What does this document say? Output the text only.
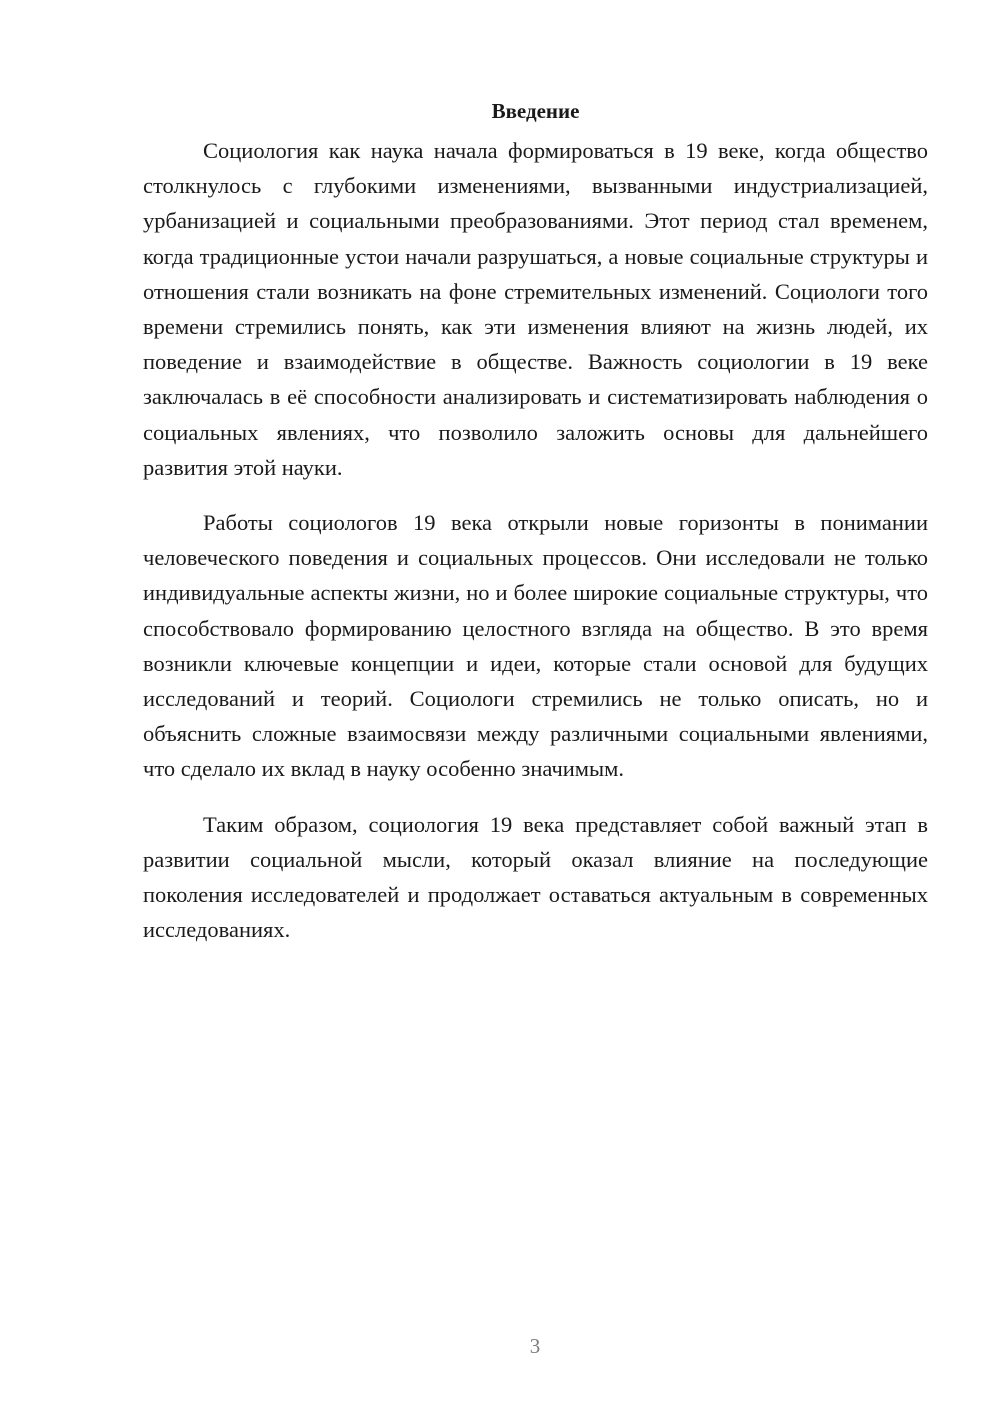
Введение

Социология как наука начала формироваться в 19 веке, когда общество столкнулось с глубокими изменениями, вызванными индустриализацией, урбанизацией и социальными преобразованиями. Этот период стал временем, когда традиционные устои начали разрушаться, а новые социальные структуры и отношения стали возникать на фоне стремительных изменений. Социологи того времени стремились понять, как эти изменения влияют на жизнь людей, их поведение и взаимодействие в обществе. Важность социологии в 19 веке заключалась в её способности анализировать и систематизировать наблюдения о социальных явлениях, что позволило заложить основы для дальнейшего развития этой науки.

Работы социологов 19 века открыли новые горизонты в понимании человеческого поведения и социальных процессов. Они исследовали не только индивидуальные аспекты жизни, но и более широкие социальные структуры, что способствовало формированию целостного взгляда на общество. В это время возникли ключевые концепции и идеи, которые стали основой для будущих исследований и теорий. Социологи стремились не только описать, но и объяснить сложные взаимосвязи между различными социальными явлениями, что сделало их вклад в науку особенно значимым.

Таким образом, социология 19 века представляет собой важный этап в развитии социальной мысли, который оказал влияние на последующие поколения исследователей и продолжает оставаться актуальным в современных исследованиях.

3
